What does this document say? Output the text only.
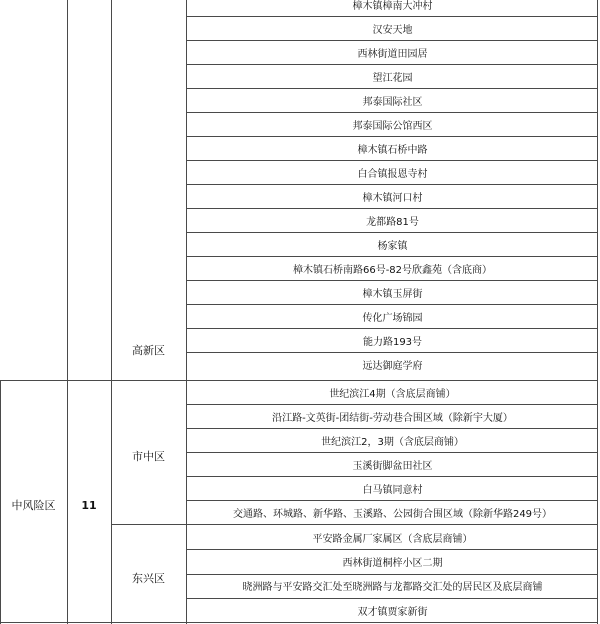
中风险区	11
高新区
市中区
东兴区
樟木镇樟南大冲村
汉安天地
西林街道田园居
望江花园
邦泰国际社区
邦泰国际公馆西区
樟木镇石桥中路
白合镇报恩寺村
樟木镇河口村
龙都路81号
杨家镇
樟木镇石桥南路66号-82号欣鑫苑（含底商）
樟木镇玉屏街
传化广场锦园
能力路193号
远达御庭学府
世纪滨江4期（含底层商铺）
沿江路-文英街-团结街-劳动巷合围区域（除新宇大厦）
世纪滨江2，3期（含底层商铺）
玉溪街脚盆田社区
白马镇同意村
交通路、环城路、新华路、玉溪路、公园街合围区域（除新华路249号）
平安路金属厂家属区（含底层商铺）
西林街道桐梓小区二期
晓洲路与平安路交汇处至晓洲路与龙都路交汇处的居民区及底层商铺
双才镇贾家新街
